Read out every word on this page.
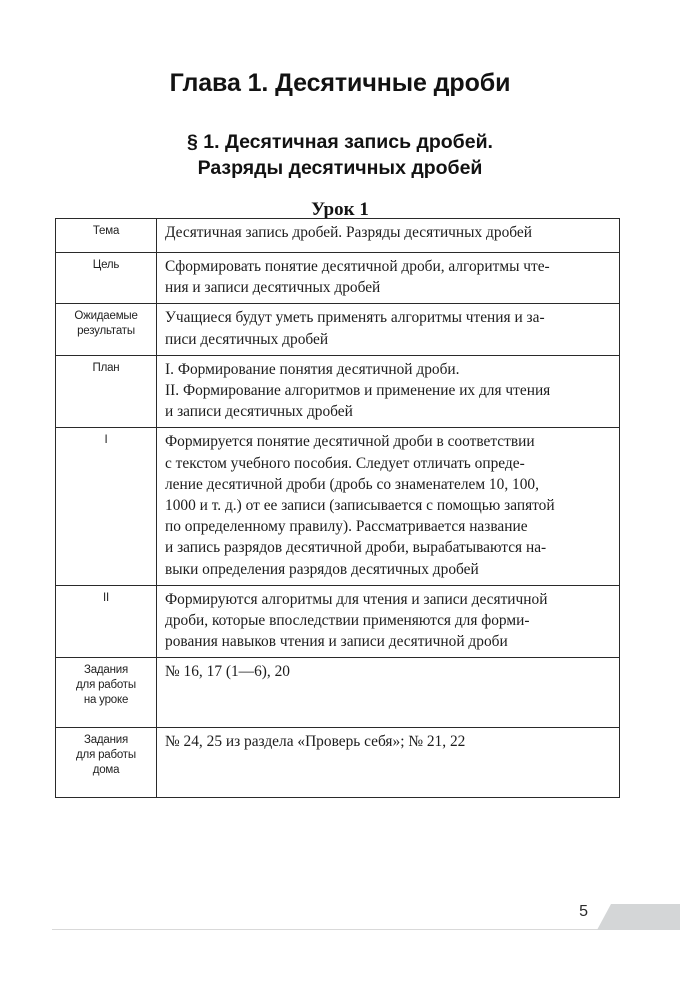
Глава 1. Десятичные дроби
§ 1. Десятичная запись дробей.
Разряды десятичных дробей
Урок 1
Тема	Десятичная запись дробей. Разряды десятичных дробей

Цель	Сформировать понятие десятичной дроби, алгоритмы чте-
ния и записи десятичных дробей

Ожидаемые
результаты	Учащиеся будут уметь применять алгоритмы чтения и за-
писи десятичных дробей

План	I. Формирование понятия десятичной дроби.
II. Формирование алгоритмов и применение их для чтения
и записи десятичных дробей

I	Формируется понятие десятичной дроби в соответствии
с текстом учебного пособия. Следует отличать опреде-
ление десятичной дроби (дробь со знаменателем 10, 100,
1000 и т. д.) от ее записи (записывается с помощью запятой
по определенному правилу). Рассматривается название
и запись разрядов десятичной дроби, вырабатываются на-
выки определения разрядов десятичных дробей

II	Формируются алгоритмы для чтения и записи десятичной
дроби, которые впоследствии применяются для форми-
рования навыков чтения и записи десятичной дроби

Задания
для работы
на уроке	№ 16, 17 (1—6), 20

Задания
для работы
дома	№ 24, 25 из раздела «Проверь себя»; № 21, 22
5
